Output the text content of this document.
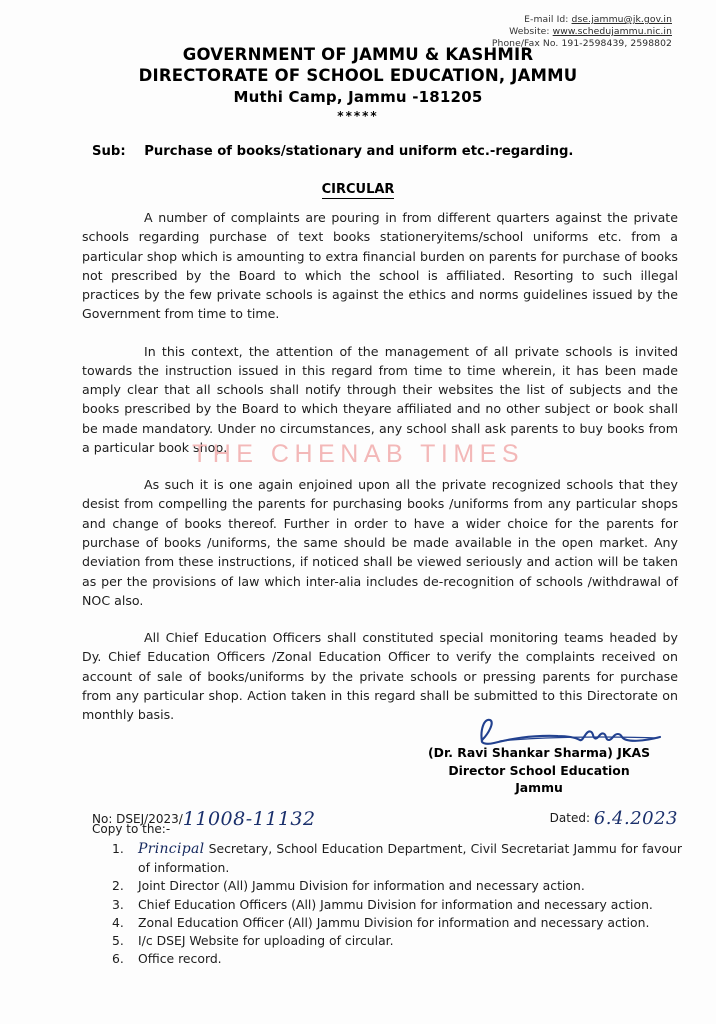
E-mail Id: dse.jammu@jk.gov.in
Website: www.schedujammu.nic.in
Phone/Fax No. 191-2598439, 2598802
GOVERNMENT OF JAMMU & KASHMIR
DIRECTORATE OF SCHOOL EDUCATION, JAMMU
Muthi Camp, Jammu -181205
*****
Sub: Purchase of books/stationary and uniform etc.-regarding.
CIRCULAR

A number of complaints are pouring in from different quarters against the private schools regarding purchase of text books stationeryitems/school uniforms etc. from a particular shop which is amounting to extra financial burden on parents for purchase of books not prescribed by the Board to which the school is affiliated. Resorting to such illegal practices by the few private schools is against the ethics and norms guidelines issued by the Government from time to time.

In this context, the attention of the management of all private schools is invited towards the instruction issued in this regard from time to time wherein, it has been made amply clear that all schools shall notify through their websites the list of subjects and the books prescribed by the Board to which theyare affiliated and no other subject or book shall be made mandatory. Under no circumstances, any school shall ask parents to buy books from a particular book shop.

As such it is one again enjoined upon all the private recognized schools that they desist from compelling the parents for purchasing books /uniforms from any particular shops and change of books thereof. Further in order to have a wider choice for the parents for purchase of books /uniforms, the same should be made available in the open market. Any deviation from these instructions, if noticed shall be viewed seriously and action will be taken as per the provisions of law which inter-alia includes de-recognition of schools /withdrawal of NOC also.

All Chief Education Officers shall constituted special monitoring teams headed by Dy. Chief Education Officers /Zonal Education Officer to verify the complaints received on account of sale of books/uniforms by the private schools or pressing parents for purchase from any particular shop. Action taken in this regard shall be submitted to this Directorate on monthly basis.

THE CHENAB TIMES
(Dr. Ravi Shankar Sharma) JKAS
Director School Education
Jammu
No: DSEJ/2023/11008-11132	Dated: 6.4.2023
Copy to the:-
1.	Principal Secretary, School Education Department, Civil Secretariat Jammu for favour of information.
2.	Joint Director (All) Jammu Division for information and necessary action.
3.	Chief Education Officers (All) Jammu Division for information and necessary action.
4.	Zonal Education Officer (All) Jammu Division for information and necessary action.
5.	I/c DSEJ Website for uploading of circular.
6.	Office record.
